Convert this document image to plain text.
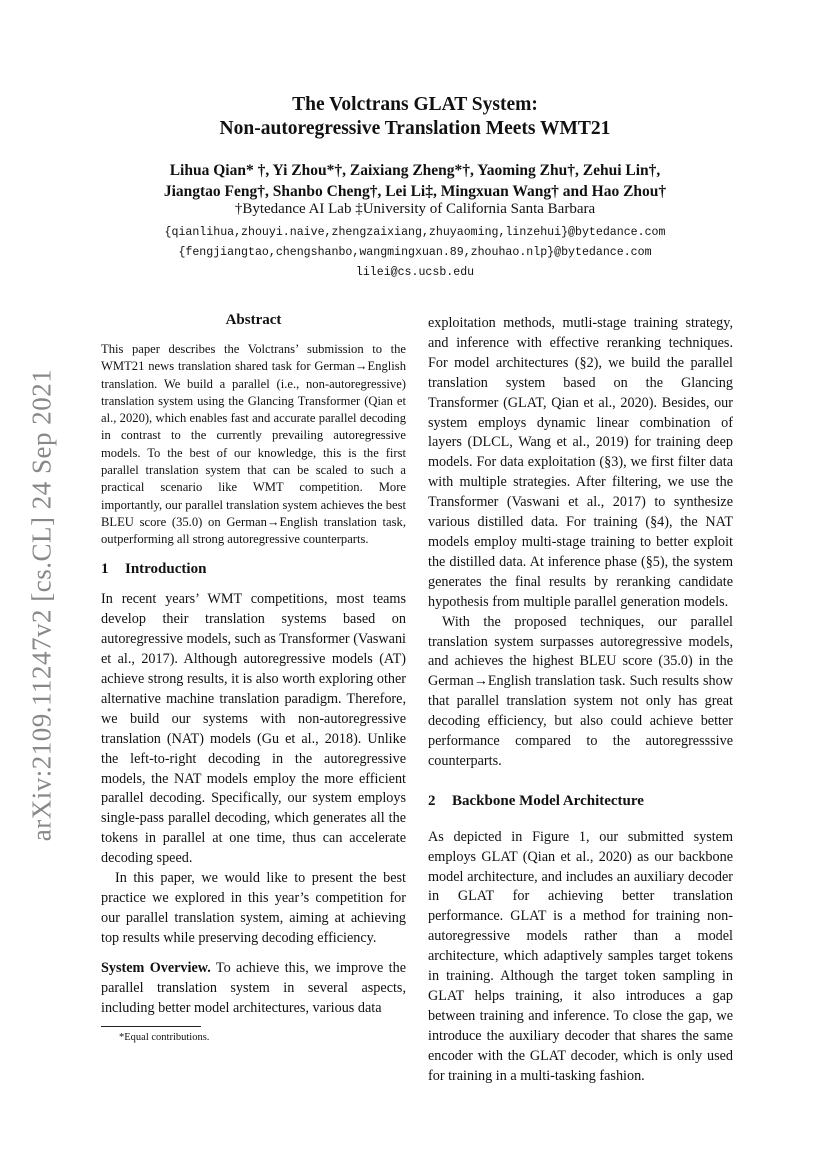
arXiv:2109.11247v2 [cs.CL] 24 Sep 2021
The Volctrans GLAT System:
Non-autoregressive Translation Meets WMT21
Lihua Qian* †, Yi Zhou*†, Zaixiang Zheng*†, Yaoming Zhu†, Zehui Lin†,
Jiangtao Feng†, Shanbo Cheng†, Lei Li‡, Mingxuan Wang† and Hao Zhou†
†Bytedance AI Lab ‡University of California Santa Barbara
{qianlihua,zhouyi.naive,zhengzaixiang,zhuyaoming,linzehui}@bytedance.com
{fengjiangtao,chengshanbo,wangmingxuan.89,zhouhao.nlp}@bytedance.com
lilei@cs.ucsb.edu
Abstract

This paper describes the Volctrans’ submission to the WMT21 news translation shared task for German→English translation. We build a parallel (i.e., non-autoregressive) translation system using the Glancing Transformer (Qian et al., 2020), which enables fast and accurate parallel decoding in contrast to the currently prevailing autoregressive models. To the best of our knowledge, this is the first parallel translation system that can be scaled to such a practical scenario like WMT competition. More importantly, our parallel translation system achieves the best BLEU score (35.0) on German→English translation task, outperforming all strong autoregressive counterparts.

1 Introduction

In recent years’ WMT competitions, most teams develop their translation systems based on autoregressive models, such as Transformer (Vaswani et al., 2017). Although autoregressive models (AT) achieve strong results, it is also worth exploring other alternative machine translation paradigm. Therefore, we build our systems with non-autoregressive translation (NAT) models (Gu et al., 2018). Unlike the left-to-right decoding in the autoregressive models, the NAT models employ the more efficient parallel decoding. Specifically, our system employs single-pass parallel decoding, which generates all the tokens in parallel at one time, thus can accelerate decoding speed.

In this paper, we would like to present the best practice we explored in this year’s competition for our parallel translation system, aiming at achieving top results while preserving decoding efficiency.

System Overview. To achieve this, we improve the parallel translation system in several aspects, including better model architectures, various data

*Equal contributions.

exploitation methods, mutli-stage training strategy, and inference with effective reranking techniques. For model architectures (§2), we build the parallel translation system based on the Glancing Transformer (GLAT, Qian et al., 2020). Besides, our system employs dynamic linear combination of layers (DLCL, Wang et al., 2019) for training deep models. For data exploitation (§3), we first filter data with multiple strategies. After filtering, we use the Transformer (Vaswani et al., 2017) to synthesize various distilled data. For training (§4), the NAT models employ multi-stage training to better exploit the distilled data. At inference phase (§5), the system generates the final results by reranking candidate hypothesis from multiple parallel generation models.

With the proposed techniques, our parallel translation system surpasses autoregressive models, and achieves the highest BLEU score (35.0) in the German→English translation task. Such results show that parallel translation system not only has great decoding efficiency, but also could achieve better performance compared to the autoregresssive counterparts.

2 Backbone Model Architecture

As depicted in Figure 1, our submitted system employs GLAT (Qian et al., 2020) as our backbone model architecture, and includes an auxiliary decoder in GLAT for achieving better translation performance. GLAT is a method for training non-autoregressive models rather than a model architecture, which adaptively samples target tokens in training. Although the target token sampling in GLAT helps training, it also introduces a gap between training and inference. To close the gap, we introduce the auxiliary decoder that shares the same encoder with the GLAT decoder, which is only used for training in a multi-tasking fashion.
